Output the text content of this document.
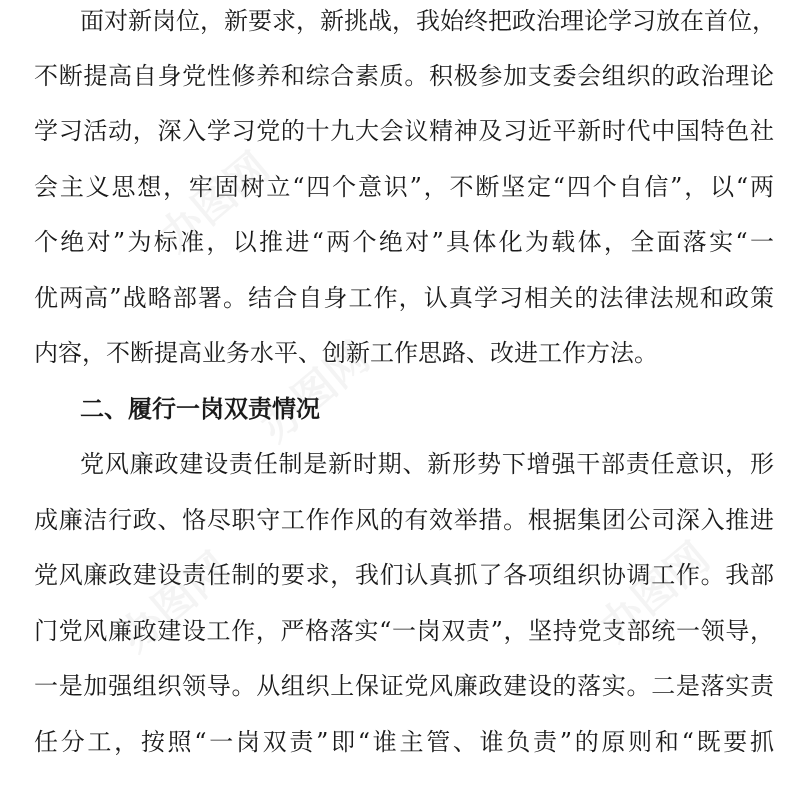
面对新岗位，新要求，新挑战，我始终把政治理论学习放在首位，
不断提高自身党性修养和综合素质。积极参加支委会组织的政治理论
学习活动，深入学习党的十九大会议精神及习近平新时代中国特色社
会主义思想，牢固树立“四个意识”，不断坚定“四个自信”，以“两
个绝对”为标准，以推进“两个绝对”具体化为载体，全面落实“一
优两高”战略部署。结合自身工作，认真学习相关的法律法规和政策
内容，不断提高业务水平、创新工作思路、改进工作方法。
二、履行一岗双责情况
党风廉政建设责任制是新时期、新形势下增强干部责任意识，形
成廉洁行政、恪尽职守工作作风的有效举措。根据集团公司深入推进
党风廉政建设责任制的要求，我们认真抓了各项组织协调工作。我部
门党风廉政建设工作，严格落实“一岗双责”，坚持党支部统一领导，
一是加强组织领导。从组织上保证党风廉政建设的落实。二是落实责
任分工，按照“一岗双责”即“谁主管、谁负责”的原则和“既要抓
办图网
办图网
办图网
办图网
